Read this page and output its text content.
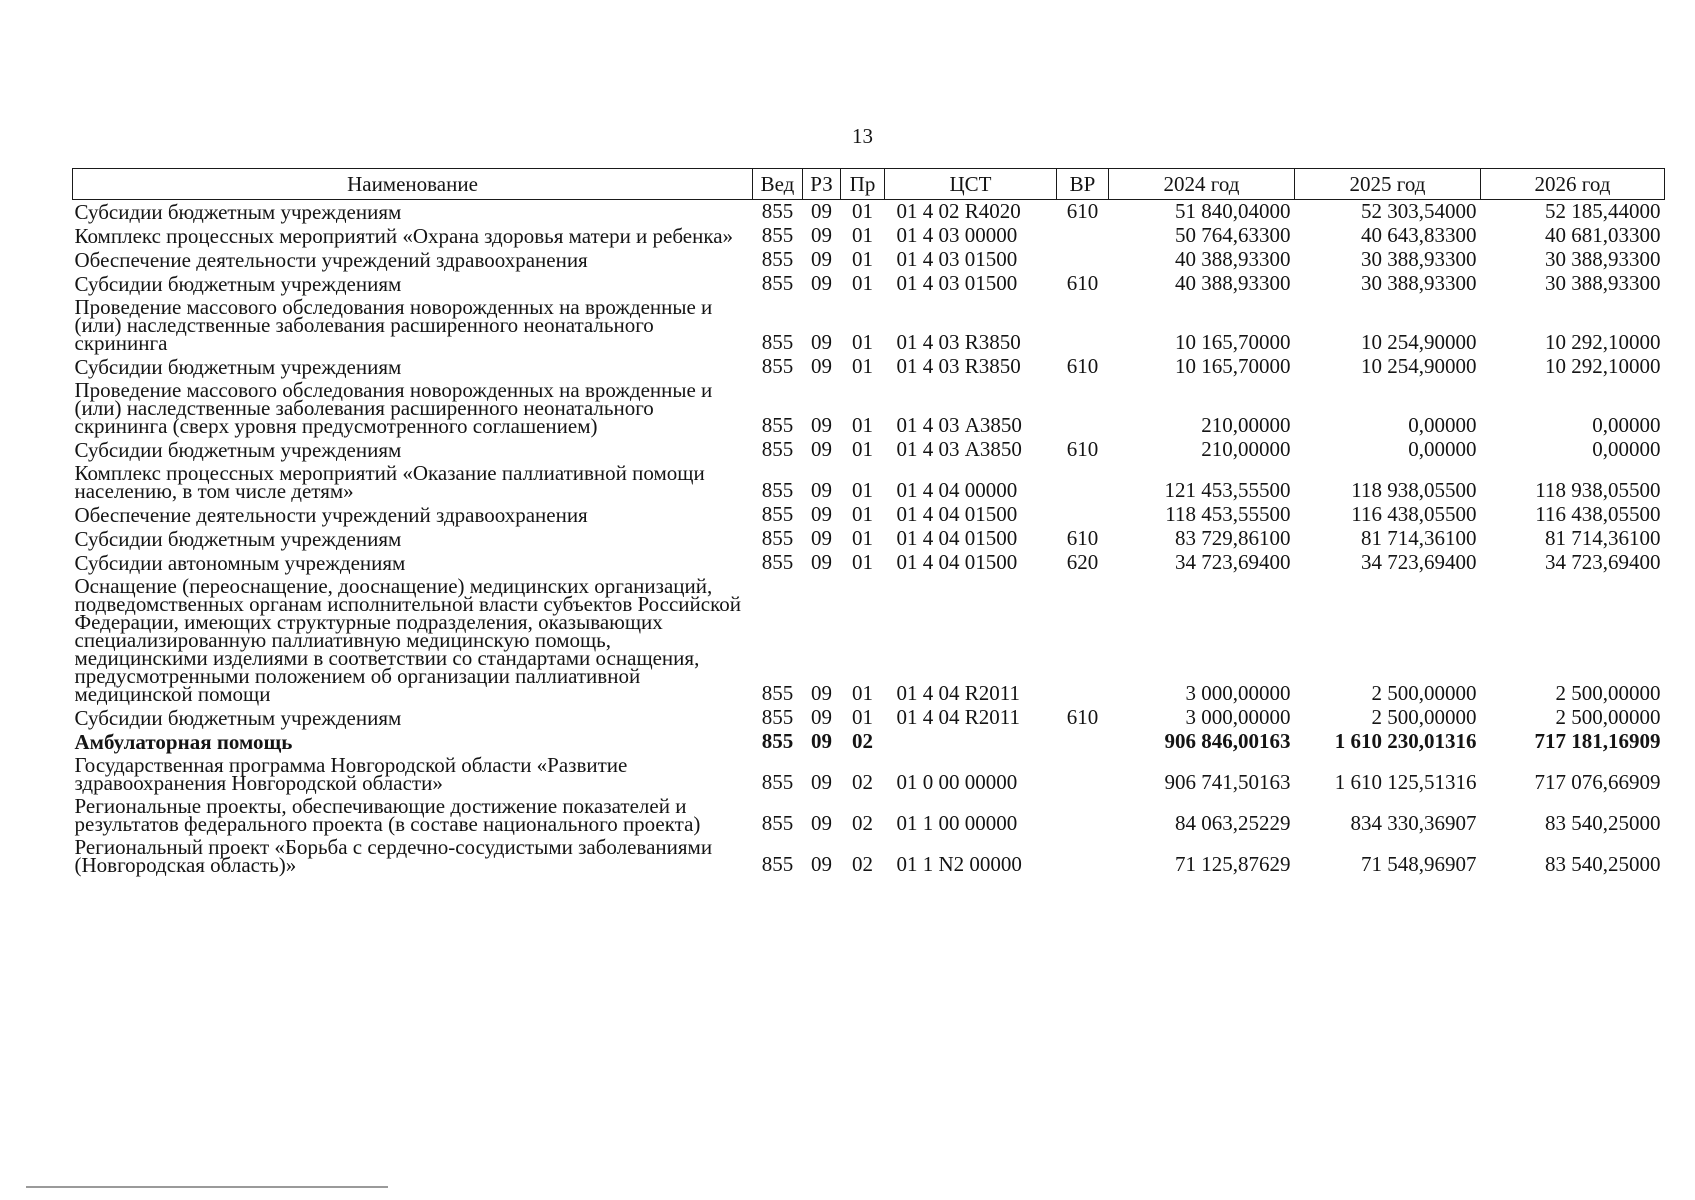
13
Наименование	Вед	РЗ	Пр	ЦСТ	ВР	2024 год	2025 год	2026 год
Субсидии бюджетным учреждениям	855	09	01	01 4 02 R4020	610	51 840,04000	52 303,54000	52 185,44000
Комплекс процессных мероприятий «Охрана здоровья матери и ребенка»	855	09	01	01 4 03 00000		50 764,63300	40 643,83300	40 681,03300
Обеспечение деятельности учреждений здравоохранения	855	09	01	01 4 03 01500		40 388,93300	30 388,93300	30 388,93300
Субсидии бюджетным учреждениям	855	09	01	01 4 03 01500	610	40 388,93300	30 388,93300	30 388,93300
Проведение массового обследования новорожденных на врожденные и (или) наследственные заболевания расширенного неонатального скрининга	855	09	01	01 4 03 R3850		10 165,70000	10 254,90000	10 292,10000
Субсидии бюджетным учреждениям	855	09	01	01 4 03 R3850	610	10 165,70000	10 254,90000	10 292,10000
Проведение массового обследования новорожденных на врожденные и (или) наследственные заболевания расширенного неонатального скрининга (сверх уровня предусмотренного соглашением)	855	09	01	01 4 03 А3850		210,00000	0,00000	0,00000
Субсидии бюджетным учреждениям	855	09	01	01 4 03 А3850	610	210,00000	0,00000	0,00000
Комплекс процессных мероприятий «Оказание паллиативной помощи населению, в том числе детям»	855	09	01	01 4 04 00000		121 453,55500	118 938,05500	118 938,05500
Обеспечение деятельности учреждений здравоохранения	855	09	01	01 4 04 01500		118 453,55500	116 438,05500	116 438,05500
Субсидии бюджетным учреждениям	855	09	01	01 4 04 01500	610	83 729,86100	81 714,36100	81 714,36100
Субсидии автономным учреждениям	855	09	01	01 4 04 01500	620	34 723,69400	34 723,69400	34 723,69400
Оснащение (переоснащение, дооснащение) медицинских организаций, подведомственных органам исполнительной власти субъектов Российской Федерации, имеющих структурные подразделения, оказывающих специализированную паллиативную медицинскую помощь, медицинскими изделиями в соответствии со стандартами оснащения, предусмотренными положением об организации паллиативной медицинской помощи	855	09	01	01 4 04 R2011		3 000,00000	2 500,00000	2 500,00000
Субсидии бюджетным учреждениям	855	09	01	01 4 04 R2011	610	3 000,00000	2 500,00000	2 500,00000
Амбулаторная помощь	855	09	02			906 846,00163	1 610 230,01316	717 181,16909
Государственная программа Новгородской области «Развитие здравоохранения Новгородской области»	855	09	02	01 0 00 00000		906 741,50163	1 610 125,51316	717 076,66909
Региональные проекты, обеспечивающие достижение показателей и результатов федерального проекта (в составе национального проекта)	855	09	02	01 1 00 00000		84 063,25229	834 330,36907	83 540,25000
Региональный проект «Борьба с сердечно-сосудистыми заболеваниями (Новгородская область)»	855	09	02	01 1 N2 00000		71 125,87629	71 548,96907	83 540,25000
